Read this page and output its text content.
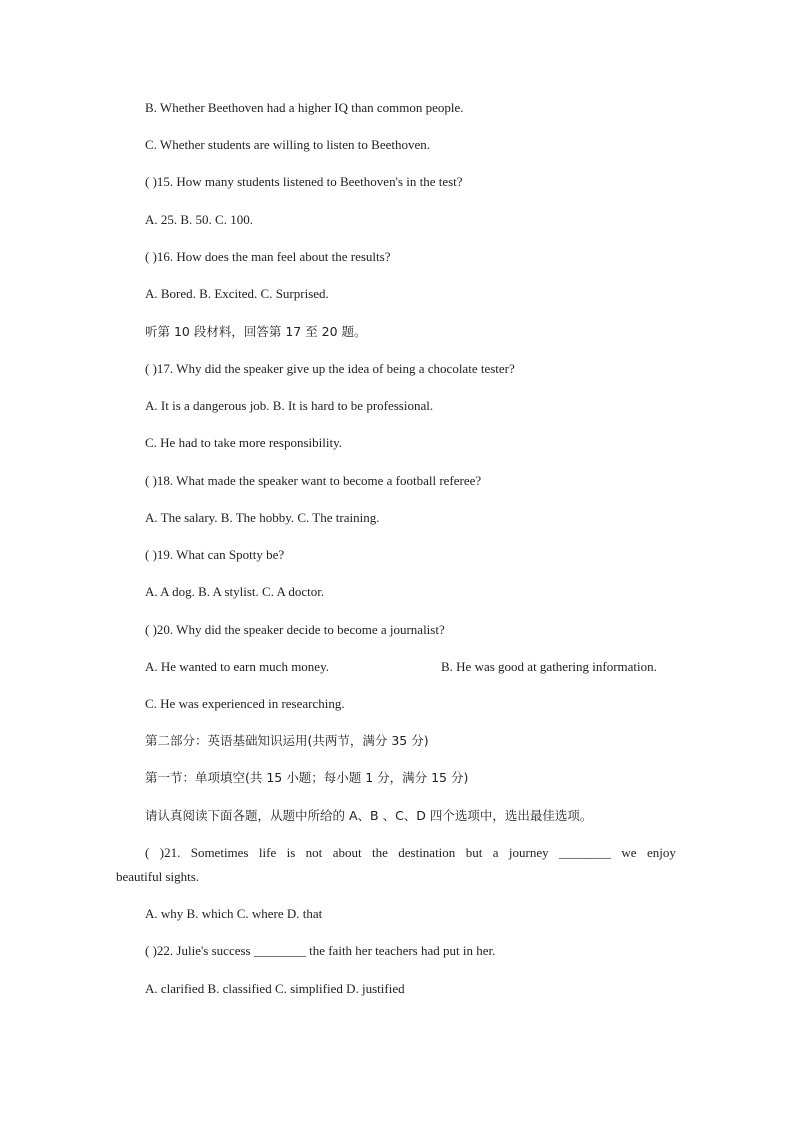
B. Whether Beethoven had a higher IQ than common people.
C. Whether students are willing to listen to Beethoven.
( )15. How many students listened to Beethoven's in the test?
A. 25. B. 50. C. 100.
( )16. How does the man feel about the results?
A. Bored. B. Excited. C. Surprised.
听第 10 段材料，回答第 17 至 20 题。
( )17. Why did the speaker give up the idea of being a chocolate tester?
A. It is a dangerous job. B. It is hard to be professional.
C. He had to take more responsibility.
( )18. What made the speaker want to become a football referee?
A. The salary. B. The hobby. C. The training.
( )19. What can Spotty be?
A. A dog. B. A stylist. C. A doctor.
( )20. Why did the speaker decide to become a journalist?
A. He wanted to earn much money.	B. He was good at gathering information.
C. He was experienced in researching.
第二部分：英语基础知识运用(共两节，满分 35 分)
第一节：单项填空(共 15 小题；每小题 1 分，满分 15 分)
请认真阅读下面各题，从题中所给的 A、B 、C、D 四个选项中，选出最佳选项。
( )21. Sometimes life is not about the destination but a journey ________ we enjoy
beautiful sights.
A. why B. which C. where D. that
( )22. Julie's success ________ the faith her teachers had put in her.
A. clarified B. classified C. simplified D. justified
